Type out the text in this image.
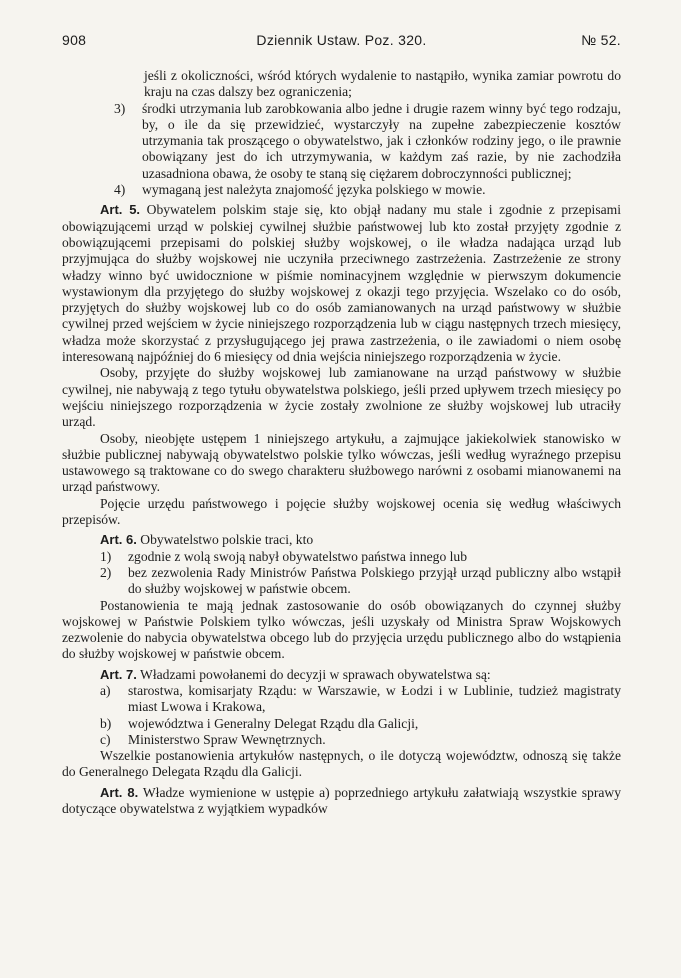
908	Dziennik Ustaw. Poz. 320.	№ 52.

jeśli z okoliczności, wśród których wydalenie to nastąpiło, wynika zamiar powrotu do kraju na czas dalszy bez ograniczenia;

3)	środki utrzymania lub zarobkowania albo jedne i drugie razem winny być tego rodzaju, by, o ile da się przewidzieć, wystarczyły na zupełne zabezpieczenie kosztów utrzymania tak proszącego o obywatelstwo, jak i członków rodziny jego, o ile prawnie obowiązany jest do ich utrzymywania, w każdym zaś razie, by nie zachodziła uzasadniona obawa, że osoby te staną się ciężarem dobroczynności publicznej;
4)	wymaganą jest należyta znajomość języka polskiego w mowie.

Art. 5. Obywatelem polskim staje się, kto objął nadany mu stale i zgodnie z przepisami obowiązującemi urząd w polskiej cywilnej służbie państwowej lub kto został przyjęty zgodnie z obowiązującemi przepisami do polskiej służby wojskowej, o ile władza nadająca urząd lub przyjmująca do służby wojskowej nie uczyniła przeciwnego zastrzeżenia. Zastrzeżenie ze strony władzy winno być uwidocznione w piśmie nominacyjnem względnie w pierwszym dokumencie wystawionym dla przyjętego do służby wojskowej z okazji tego przyjęcia. Wszelako co do osób, przyjętych do służby wojskowej lub co do osób zamianowanych na urząd państwowy w służbie cywilnej przed wejściem w życie niniejszego rozporządzenia lub w ciągu następnych trzech miesięcy, władza może skorzystać z przysługującego jej prawa zastrzeżenia, o ile zawiadomi o niem osobę interesowaną najpóźniej do 6 miesięcy od dnia wejścia niniejszego rozporządzenia w życie.

Osoby, przyjęte do służby wojskowej lub zamianowane na urząd państwowy w służbie cywilnej, nie nabywają z tego tytułu obywatelstwa polskiego, jeśli przed upływem trzech miesięcy po wejściu niniejszego rozporządzenia w życie zostały zwolnione ze służby wojskowej lub utraciły urząd.

Osoby, nieobjęte ustępem 1 niniejszego artykułu, a zajmujące jakiekolwiek stanowisko w służbie publicznej nabywają obywatelstwo polskie tylko wówczas, jeśli według wyraźnego przepisu ustawowego są traktowane co do swego charakteru służbowego narówni z osobami mianowanemi na urząd państwowy.

Pojęcie urzędu państwowego i pojęcie służby wojskowej ocenia się według właściwych przepisów.

Art. 6. Obywatelstwo polskie traci, kto

1)	zgodnie z wolą swoją nabył obywatelstwo państwa innego lub
2)	bez zezwolenia Rady Ministrów Państwa Polskiego przyjął urząd publiczny albo wstąpił do służby wojskowej w państwie obcem.

Postanowienia te mają jednak zastosowanie do osób obowiązanych do czynnej służby wojskowej w Państwie Polskiem tylko wówczas, jeśli uzyskały od Ministra Spraw Wojskowych zezwolenie do nabycia obywatelstwa obcego lub do przyjęcia urzędu publicznego albo do wstąpienia do służby wojskowej w państwie obcem.

Art. 7. Władzami powołanemi do decyzji w sprawach obywatelstwa są:

a)	starostwa, komisarjaty Rządu: w Warszawie, w Łodzi i w Lublinie, tudzież magistraty miast Lwowa i Krakowa,
b)	województwa i Generalny Delegat Rządu dla Galicji,
c)	Ministerstwo Spraw Wewnętrznych.

Wszelkie postanowienia artykułów następnych, o ile dotyczą województw, odnoszą się także do Generalnego Delegata Rządu dla Galicji.

Art. 8. Władze wymienione w ustępie a) poprzedniego artykułu załatwiają wszystkie sprawy dotyczące obywatelstwa z wyjątkiem wypadków
